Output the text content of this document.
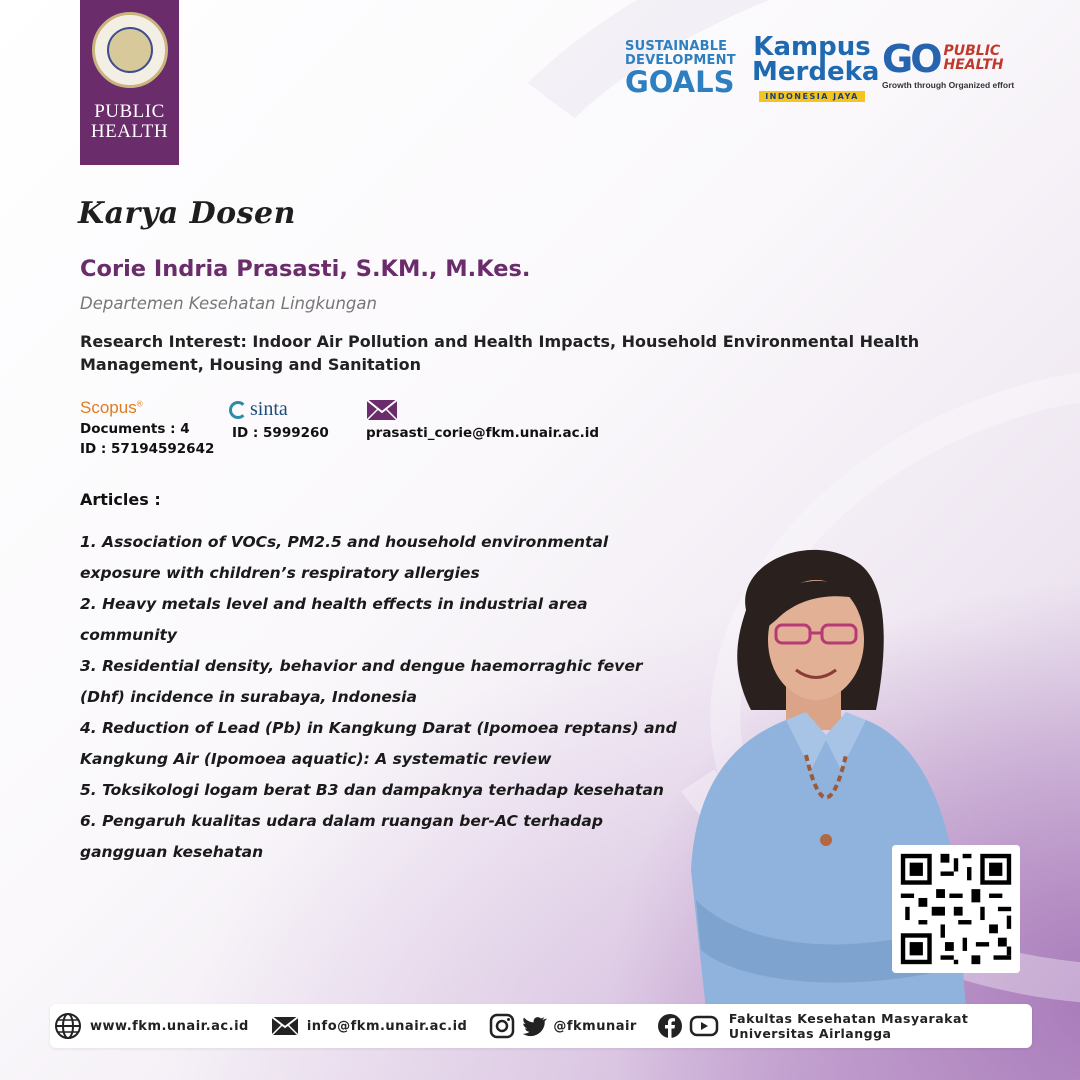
PUBLIC HEALTH
SUSTAINABLE
DEVELOPMENT
GOALS
Kampus
Merdeka
INDONESIA JAYA
GO PUBLIC
HEALTH
Growth through Organized effort
Karya Dosen
Corie Indria Prasasti, S.KM., M.Kes.
Departemen Kesehatan Lingkungan
Research Interest: Indoor Air Pollution and Health Impacts, Household Environmental Health Management, Housing and Sanitation
Scopus®
Documents : 4
ID : 57194592642
sinta
ID : 5999260	prasasti_corie@fkm.unair.ac.id
Articles :
1. Association of VOCs, PM2.5 and household environmental exposure with children’s respiratory allergies
2. Heavy metals level and health effects in industrial area community
3. Residential density, behavior and dengue haemorraghic fever (Dhf) incidence in surabaya, Indonesia
4. Reduction of Lead (Pb) in Kangkung Darat (Ipomoea reptans) and Kangkung Air (Ipomoea aquatic): A systematic review
5. Toksikologi logam berat B3 dan dampaknya terhadap kesehatan
6. Pengaruh kualitas udara dalam ruangan ber-AC terhadap gangguan kesehatan
www.fkm.unair.ac.id	info@fkm.unair.ac.id	@fkmunair	Fakultas Kesehatan Masyarakat
Universitas Airlangga
